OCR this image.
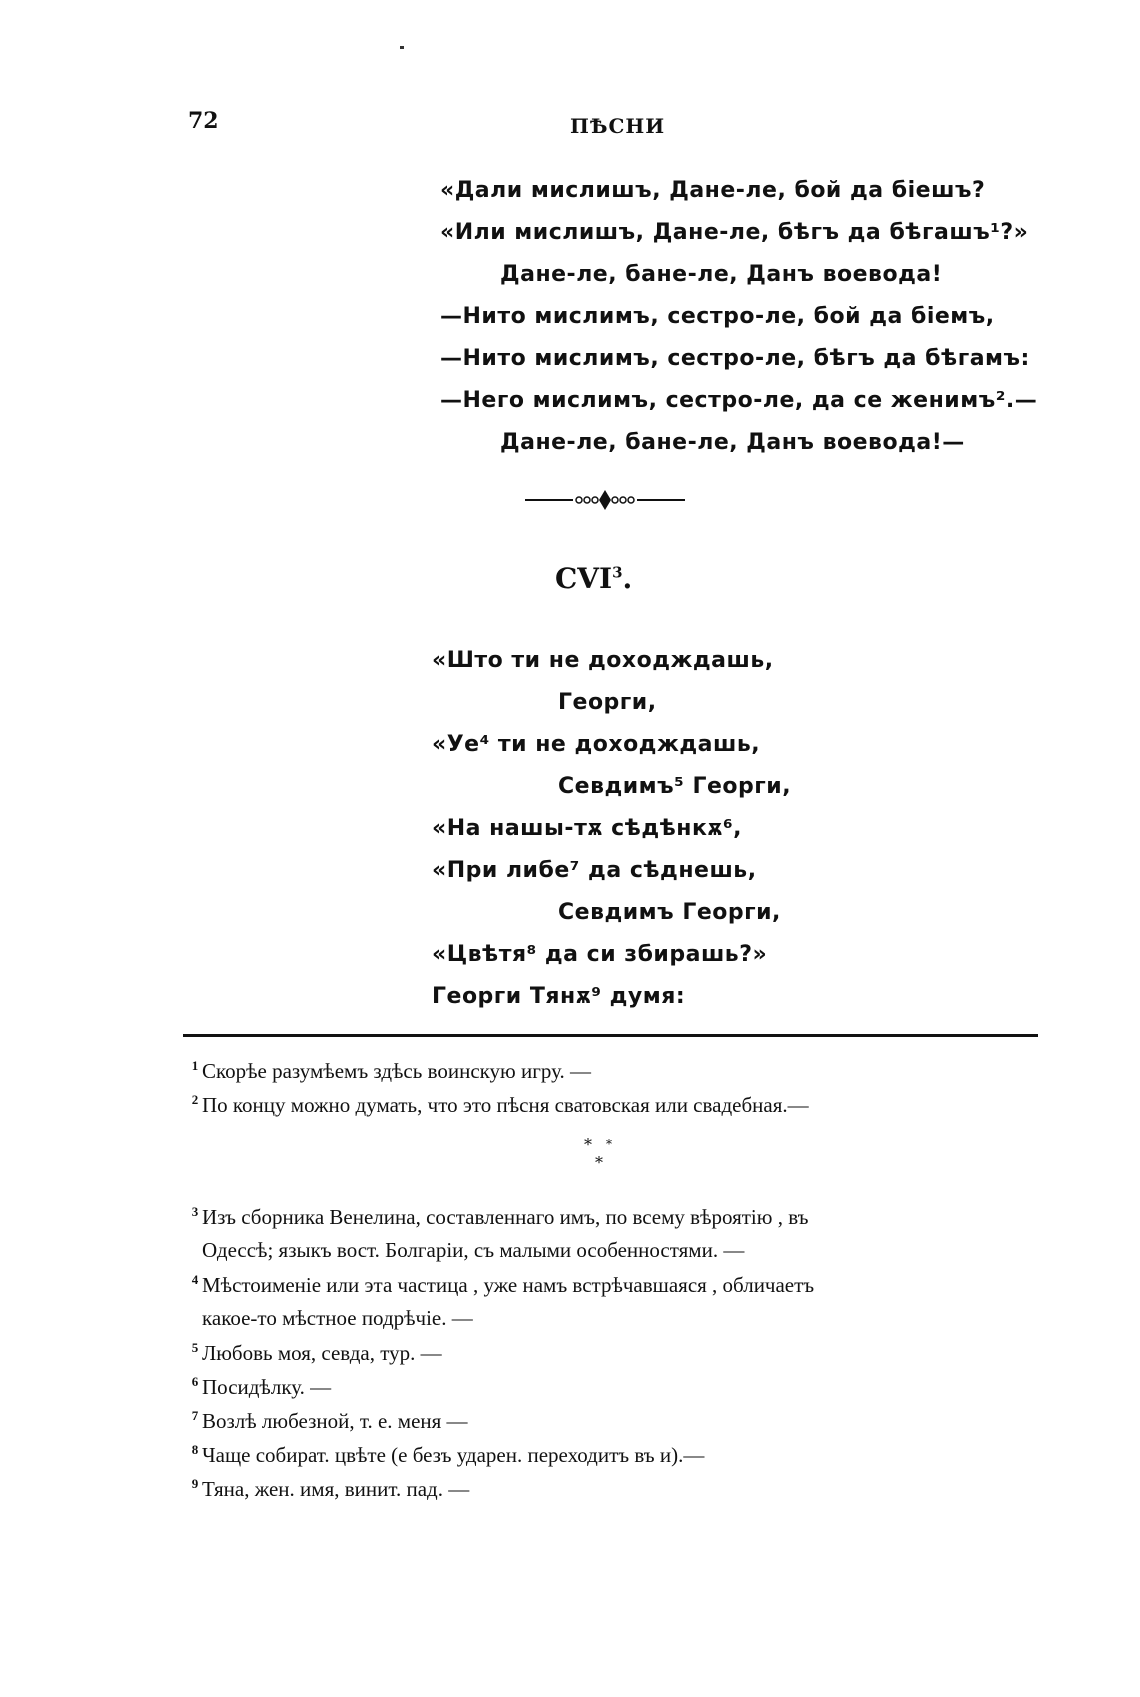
72	ПѢСНИ
«Дали мислишъ, Дане-ле, бой да біешъ?
«Или мислишъ, Дане-ле, бѣгъ да бѣгашъ¹?»
Дане-ле, бане-ле, Данъ воевода!
—Нито мислимъ, сестро-ле, бой да біемъ,
—Нито мислимъ, сестро-ле, бѣгъ да бѣгамъ:
—Него мислимъ, сестро-ле, да се женимъ².—
Дане-ле, бане-ле, Данъ воевода!—
CVI$^3$.
«Што ти не доходждашь,
Георги,
«Уе⁴ ти не доходждашь,
Севдимъ⁵ Георги,
«На нашы-тѫ сѣдѣнкѫ⁶,
«При либе⁷ да сѣднешь,
Севдимъ Георги,
«Цвѣтя⁸ да си збирашь?»
Георги Тянѫ⁹ думя:
1 Скорѣе разумѣемъ здѣсь воинскую игру. —
2 По концу можно думать, что это пѣсня сватовская или свадебная.—
* *
*
3 Изъ сборника Венелина, составленнаго имъ, по всему вѣроятію , въ
Одессѣ; языкъ вост. Болгаріи, съ малыми особенностями. —
4 Мѣстоименіе или эта частица , уже намъ встрѣчавшаяся , обличаетъ
какое-то мѣстное подрѣчіе. —
5 Любовь моя, севда, тур. —
6 Посидѣлку. —
7 Возлѣ любезной, т. е. меня —
8 Чаще собират. цвѣте (е безъ ударен. переходитъ въ и).—
9 Тяна, жен. имя, винит. пад. —
